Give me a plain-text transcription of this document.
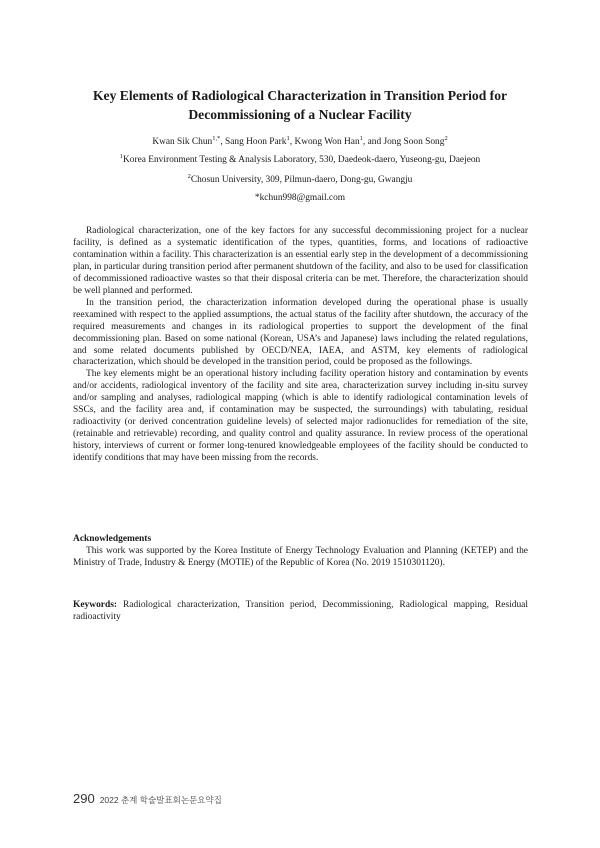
Key Elements of Radiological Characterization in Transition Period for Decommissioning of a Nuclear Facility
Kwan Sik Chun$^{1,*}$, Sang Hoon Park$^1$, Kwong Won Han$^1$, and Jong Soon Song$^2$
$^1$Korea Environment Testing & Analysis Laboratory, 530, Daedeok-daero, Yuseong-gu, Daejeon
$^2$Chosun University, 309, Pilmun-daero, Dong-gu, Gwangju
*kchun998@gmail.com

Radiological characterization, one of the key factors for any successful decommissioning project for a nuclear facility, is defined as a systematic identification of the types, quantities, forms, and locations of radioactive contamination within a facility. This characterization is an essential early step in the development of a decommissioning plan, in particular during transition period after permanent shutdown of the facility, and also to be used for classification of decommissioned radioactive wastes so that their disposal criteria can be met. Therefore, the characterization should be well planned and performed.

In the transition period, the characterization information developed during the operational phase is usually reexamined with respect to the applied assumptions, the actual status of the facility after shutdown, the accuracy of the required measurements and changes in its radiological properties to support the development of the final decommissioning plan. Based on some national (Korean, USA’s and Japanese) laws including the related regulations, and some related documents published by OECD/NEA, IAEA, and ASTM, key elements of radiological characterization, which should be developed in the transition period, could be proposed as the followings.

The key elements might be an operational history including facility operation history and contamination by events and/or accidents, radiological inventory of the facility and site area, characterization survey including in-situ survey and/or sampling and analyses, radiological mapping (which is able to identify radiological contamination levels of SSCs, and the facility area and, if contamination may be suspected, the surroundings) with tabulating, residual radioactivity (or derived concentration guideline levels) of selected major radionuclides for remediation of the site, (retainable and retrievable) recording, and quality control and quality assurance. In review process of the operational history, interviews of current or former long-tenured knowledgeable employees of the facility should be conducted to identify conditions that may have been missing from the records.

Acknowledgements

This work was supported by the Korea Institute of Energy Technology Evaluation and Planning (KETEP) and the Ministry of Trade, Industry & Energy (MOTIE) of the Republic of Korea (No. 2019 1510301120).

Keywords: Radiological characterization, Transition period, Decommissioning, Radiological mapping, Residual radioactivity

290 2022 춘계 학술발표회논문요약집
